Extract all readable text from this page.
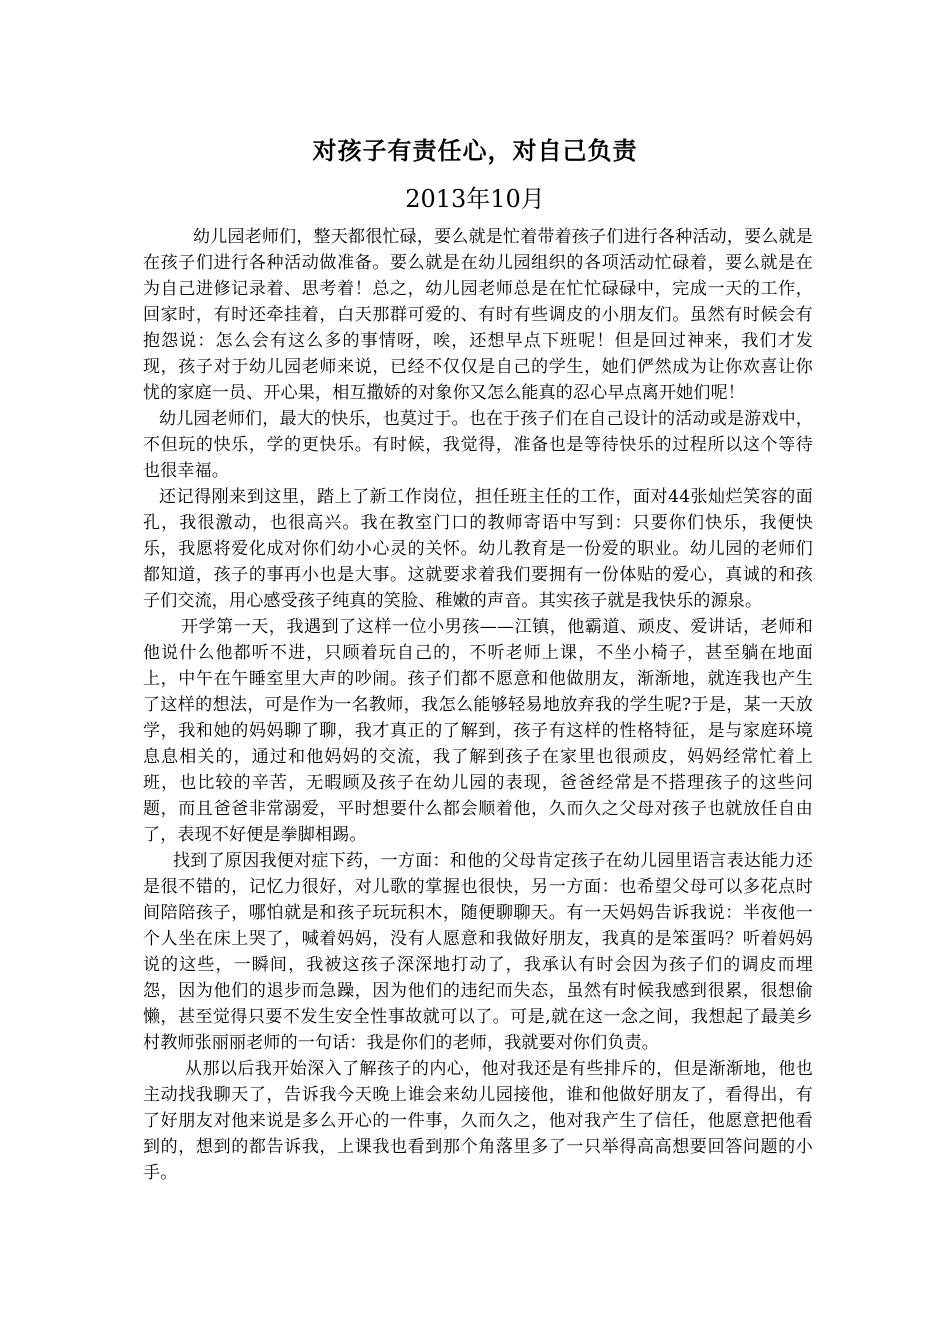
对孩子有责任心，对自己负责
2013年10月

幼儿园老师们，整天都很忙碌，要么就是忙着带着孩子们进行各种活动，要么就是在孩子们进行各种活动做准备。要么就是在幼儿园组织的各项活动忙碌着，要么就是在为自己进修记录着、思考着！总之，幼儿园老师总是在忙忙碌碌中，完成一天的工作，回家时，有时还牵挂着，白天那群可爱的、有时有些调皮的小朋友们。虽然有时候会有抱怨说：怎么会有这么多的事情呀，唉，还想早点下班呢！但是回过神来，我们才发现，孩子对于幼儿园老师来说，已经不仅仅是自己的学生，她们俨然成为让你欢喜让你忧的家庭一员、开心果，相互撒娇的对象你又怎么能真的忍心早点离开她们呢！

幼儿园老师们，最大的快乐，也莫过于。也在于孩子们在自己设计的活动或是游戏中，不但玩的快乐，学的更快乐。有时候，我觉得，准备也是等待快乐的过程所以这个等待也很幸福。

还记得刚来到这里，踏上了新工作岗位，担任班主任的工作，面对44张灿烂笑容的面孔，我很激动，也很高兴。我在教室门口的教师寄语中写到：只要你们快乐，我便快乐，我愿将爱化成对你们幼小心灵的关怀。幼儿教育是一份爱的职业。幼儿园的老师们都知道，孩子的事再小也是大事。这就要求着我们要拥有一份体贴的爱心，真诚的和孩子们交流，用心感受孩子纯真的笑脸、稚嫩的声音。其实孩子就是我快乐的源泉。

开学第一天，我遇到了这样一位小男孩——江镇，他霸道、顽皮、爱讲话，老师和他说什么他都听不进，只顾着玩自己的，不听老师上课，不坐小椅子，甚至躺在地面上，中午在午睡室里大声的吵闹。孩子们都不愿意和他做朋友，渐渐地，就连我也产生了这样的想法，可是作为一名教师，我怎么能够轻易地放弃我的学生呢?于是，某一天放学，我和她的妈妈聊了聊，我才真正的了解到，孩子有这样的性格特征，是与家庭环境息息相关的，通过和他妈妈的交流，我了解到孩子在家里也很顽皮，妈妈经常忙着上班，也比较的辛苦，无暇顾及孩子在幼儿园的表现，爸爸经常是不搭理孩子的这些问题，而且爸爸非常溺爱，平时想要什么都会顺着他，久而久之父母对孩子也就放任自由了，表现不好便是拳脚相踢。

找到了原因我便对症下药，一方面：和他的父母肯定孩子在幼儿园里语言表达能力还是很不错的，记忆力很好，对儿歌的掌握也很快，另一方面：也希望父母可以多花点时间陪陪孩子，哪怕就是和孩子玩玩积木，随便聊聊天。有一天妈妈告诉我说：半夜他一个人坐在床上哭了，喊着妈妈，没有人愿意和我做好朋友，我真的是笨蛋吗？听着妈妈说的这些，一瞬间，我被这孩子深深地打动了，我承认有时会因为孩子们的调皮而埋怨，因为他们的退步而急躁，因为他们的违纪而失态，虽然有时候我感到很累，很想偷懒，甚至觉得只要不发生安全性事故就可以了。可是,就在这一念之间，我想起了最美乡村教师张丽丽老师的一句话：我是你们的老师，我就要对你们负责。

从那以后我开始深入了解孩子的内心，他对我还是有些排斥的，但是渐渐地，他也主动找我聊天了，告诉我今天晚上谁会来幼儿园接他，谁和他做好朋友了，看得出，有了好朋友对他来说是多么开心的一件事，久而久之，他对我产生了信任，他愿意把他看到的，想到的都告诉我，上课我也看到那个角落里多了一只举得高高想要回答问题的小手。
